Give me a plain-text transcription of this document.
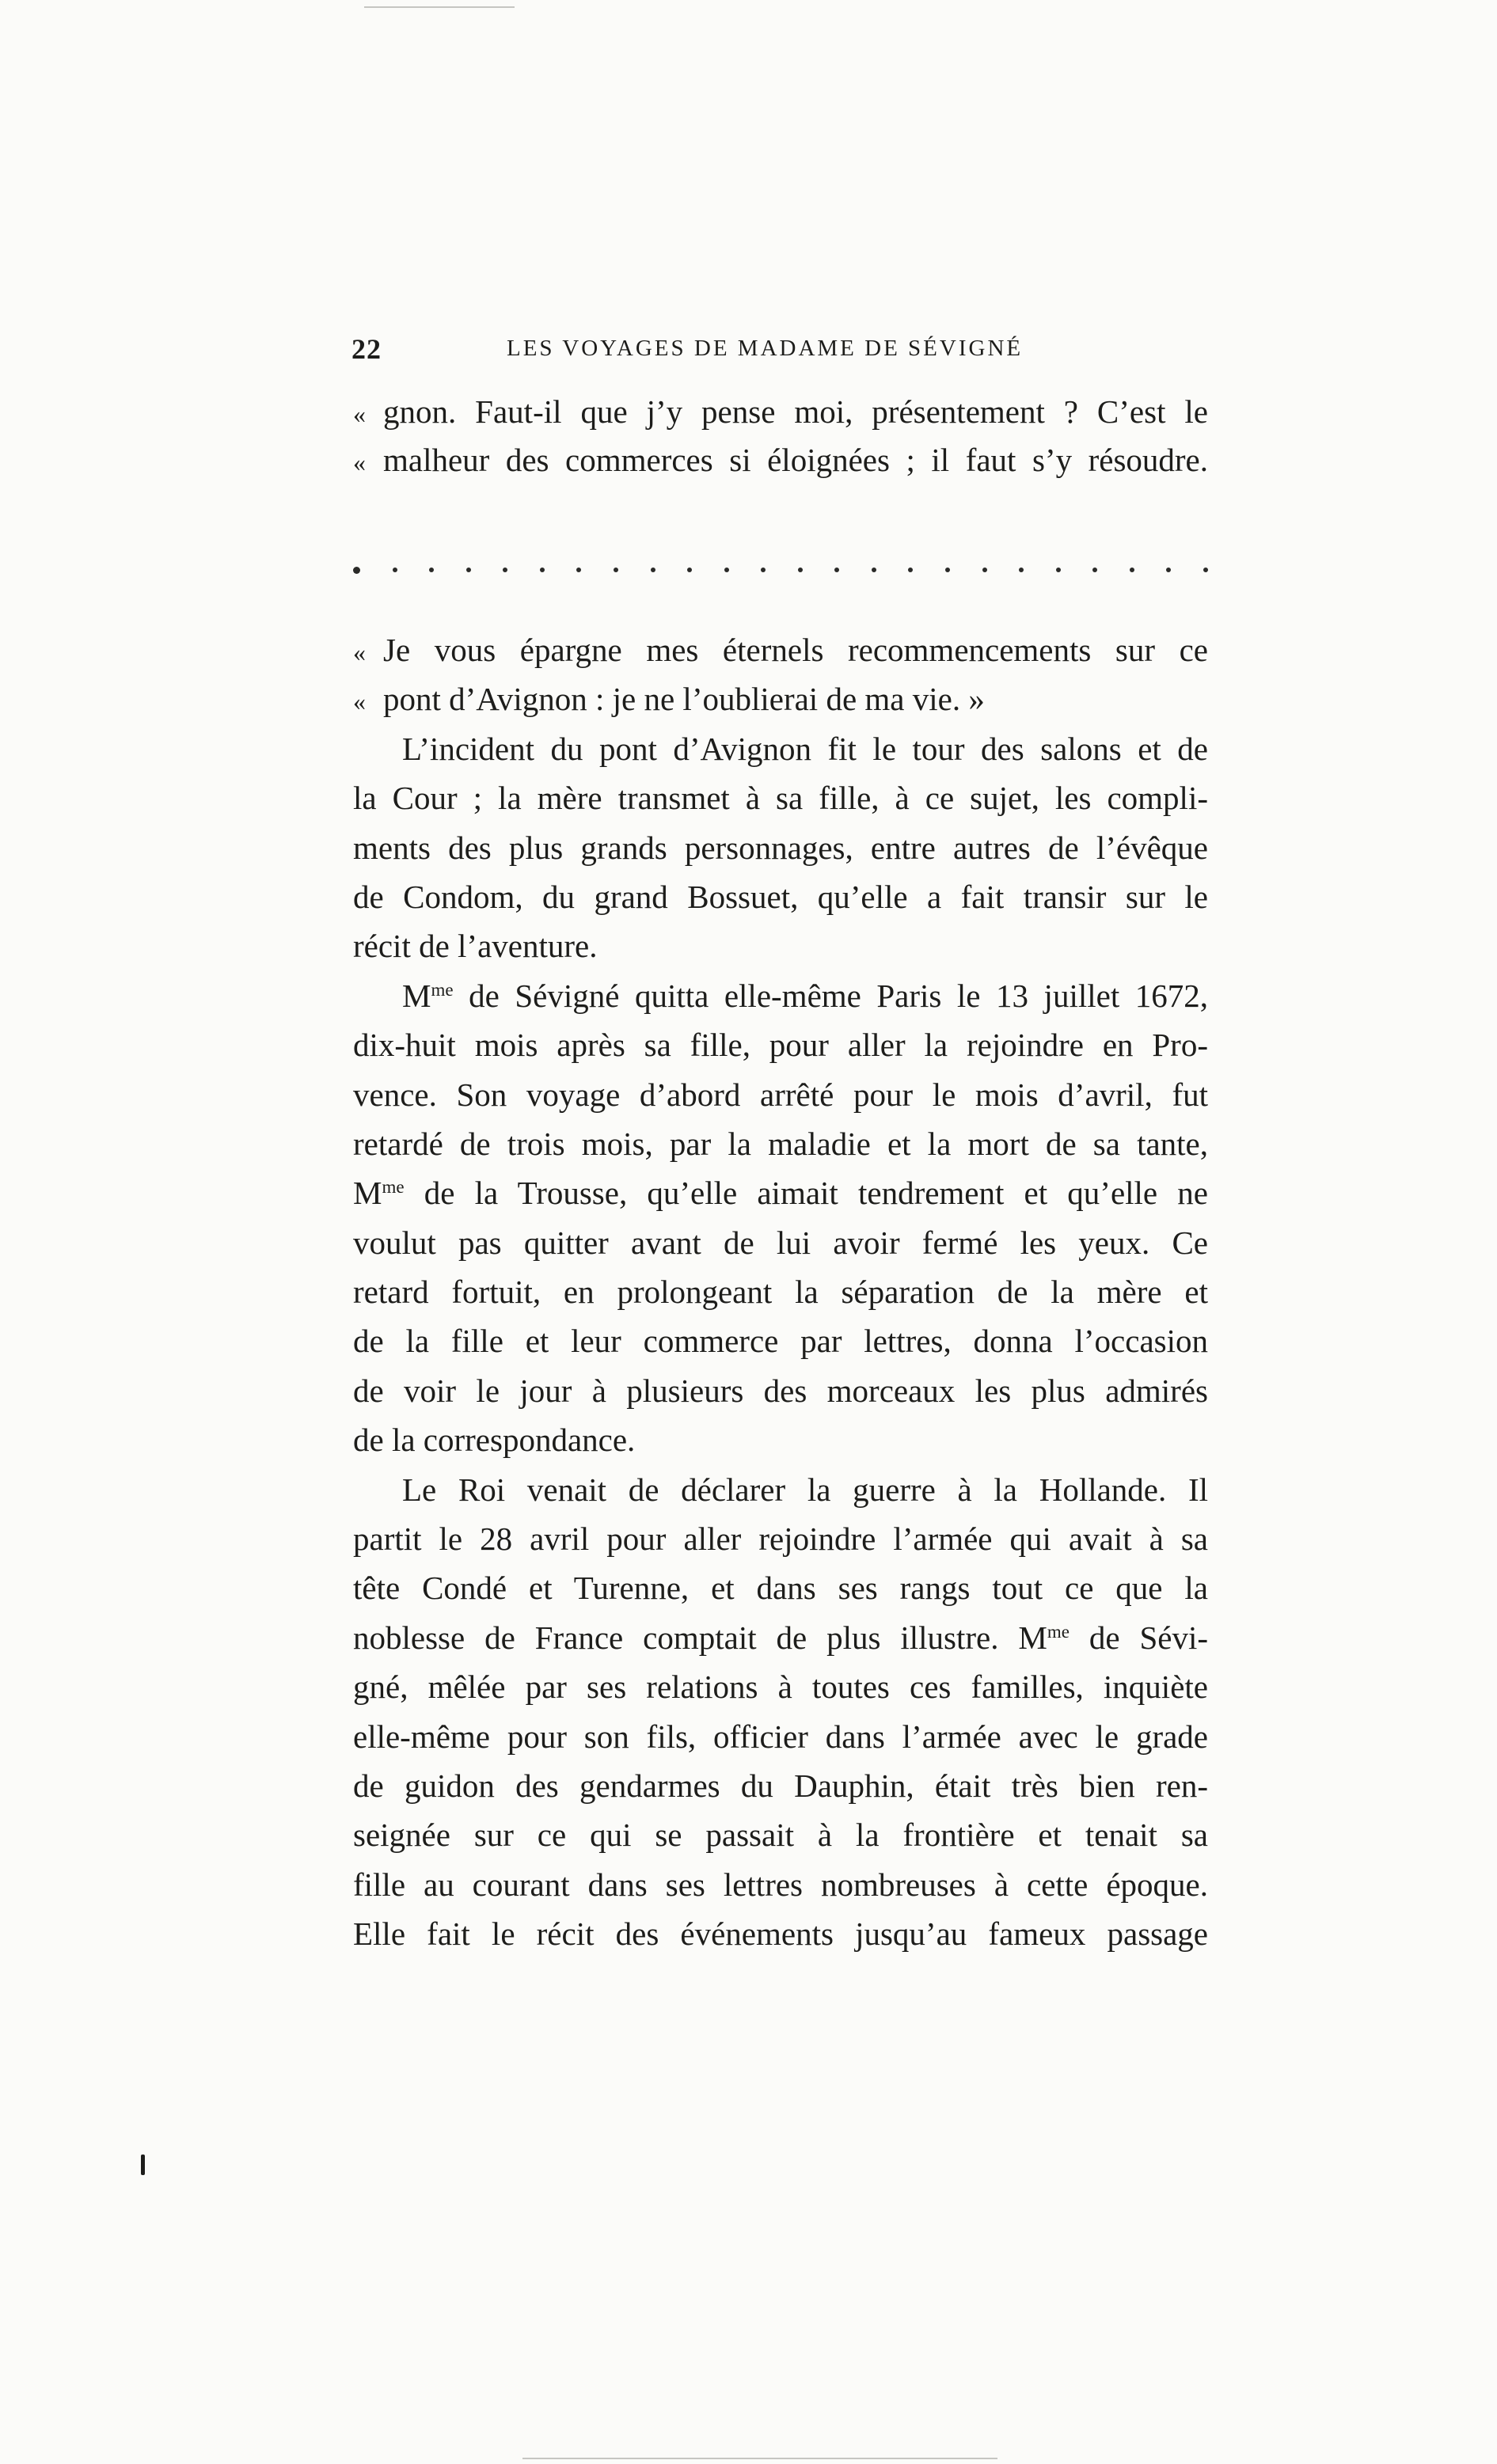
22	LES VOYAGES DE MADAME DE SÉVIGNÉ
« gnon. Faut-il que j’y pense moi, présentement ? C’est le
« malheur des commerces si éloignées ; il faut s’y résoudre.
« Je vous épargne mes éternels recommencements sur ce
« pont d’Avignon : je ne l’oublierai de ma vie. »
L’incident du pont d’Avignon fit le tour des salons et de
la Cour ; la mère transmet à sa fille, à ce sujet, les compli-
ments des plus grands personnages, entre autres de l’évêque
de Condom, du grand Bossuet, qu’elle a fait transir sur le
récit de l’aventure.
$M^{me}$ de Sévigné quitta elle-même Paris le 13 juillet 1672,
dix-huit mois après sa fille, pour aller la rejoindre en Pro-
vence. Son voyage d’abord arrêté pour le mois d’avril, fut
retardé de trois mois, par la maladie et la mort de sa tante,
$M^{me}$ de la Trousse, qu’elle aimait tendrement et qu’elle ne
voulut pas quitter avant de lui avoir fermé les yeux. Ce
retard fortuit, en prolongeant la séparation de la mère et
de la fille et leur commerce par lettres, donna l’occasion
de voir le jour à plusieurs des morceaux les plus admirés
de la correspondance.
Le Roi venait de déclarer la guerre à la Hollande. Il
partit le 28 avril pour aller rejoindre l’armée qui avait à sa
tête Condé et Turenne, et dans ses rangs tout ce que la
noblesse de France comptait de plus illustre. $M^{me}$ de Sévi-
gné, mêlée par ses relations à toutes ces familles, inquiète
elle-même pour son fils, officier dans l’armée avec le grade
de guidon des gendarmes du Dauphin, était très bien ren-
seignée sur ce qui se passait à la frontière et tenait sa
fille au courant dans ses lettres nombreuses à cette époque.
Elle fait le récit des événements jusqu’au fameux passage
